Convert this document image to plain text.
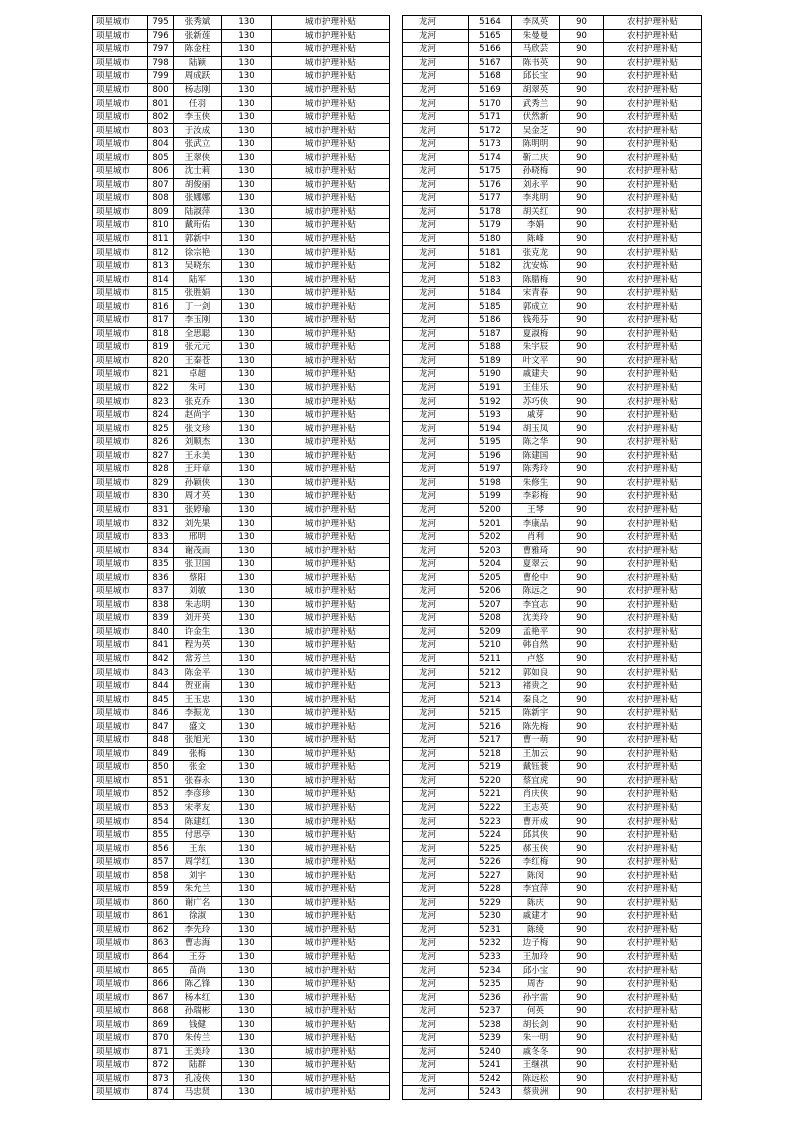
项星城市	795	张秀斌	130	城市护理补贴
项星城市	796	张新莲	130	城市护理补贴
项星城市	797	陈金柱	130	城市护理补贴
项星城市	798	陆颖	130	城市护理补贴
项星城市	799	周成跃	130	城市护理补贴
项星城市	800	杨志刚	130	城市护理补贴
项星城市	801	任羽	130	城市护理补贴
项星城市	802	李玉侠	130	城市护理补贴
项星城市	803	于汝成	130	城市护理补贴
项星城市	804	张武立	130	城市护理补贴
项星城市	805	王翠侠	130	城市护理补贴
项星城市	806	沈士莉	130	城市护理补贴
项星城市	807	胡俊丽	130	城市护理补贴
项星城市	808	张娜娜	130	城市护理补贴
项星城市	809	陆淑萍	130	城市护理补贴
项星城市	810	戴珩佑	130	城市护理补贴
项星城市	811	郭新中	130	城市护理补贴
项星城市	812	徐宗艳	130	城市护理补贴
项星城市	813	吴晓东	130	城市护理补贴
项星城市	814	陆军	130	城市护理补贴
项星城市	815	张胜娟	130	城市护理补贴
项星城市	816	丁一剑	130	城市护理补贴
项星城市	817	李玉刚	130	城市护理补贴
项星城市	818	全思聪	130	城市护理补贴
项星城市	819	张元元	130	城市护理补贴
项星城市	820	王秦苍	130	城市护理补贴
项星城市	821	卓超	130	城市护理补贴
项星城市	822	朱可	130	城市护理补贴
项星城市	823	张克乔	130	城市护理补贴
项星城市	824	赵尚宇	130	城市护理补贴
项星城市	825	张文珍	130	城市护理补贴
项星城市	826	刘顺杰	130	城市护理补贴
项星城市	827	王永美	130	城市护理补贴
项星城市	828	王玕章	130	城市护理补贴
项星城市	829	孙颖侠	130	城市护理补贴
项星城市	830	周才英	130	城市护理补贴
项星城市	831	张婷瑜	130	城市护理补贴
项星城市	832	刘先果	130	城市护理补贴
项星城市	833	邢明	130	城市护理补贴
项星城市	834	谢茂而	130	城市护理补贴
项星城市	835	张卫国	130	城市护理补贴
项星城市	836	蔡阳	130	城市护理补贴
项星城市	837	刘敏	130	城市护理补贴
项星城市	838	朱志明	130	城市护理补贴
项星城市	839	刘开英	130	城市护理补贴
项星城市	840	许金生	130	城市护理补贴
项星城市	841	程为英	130	城市护理补贴
项星城市	842	常芳兰	130	城市护理补贴
项星城市	843	陈金平	130	城市护理补贴
项星城市	844	贺亚南	130	城市护理补贴
项星城市	845	王玉忠	130	城市护理补贴
项星城市	846	李振龙	130	城市护理补贴
项星城市	847	盛文	130	城市护理补贴
项星城市	848	张旭光	130	城市护理补贴
项星城市	849	张梅	130	城市护理补贴
项星城市	850	张金	130	城市护理补贴
项星城市	851	张春永	130	城市护理补贴
项星城市	852	李彦珍	130	城市护理补贴
项星城市	853	宋孝友	130	城市护理补贴
项星城市	854	陈建红	130	城市护理补贴
项星城市	855	付思亭	130	城市护理补贴
项星城市	856	王东	130	城市护理补贴
项星城市	857	周学红	130	城市护理补贴
项星城市	858	刘宇	130	城市护理补贴
项星城市	859	朱允兰	130	城市护理补贴
项星城市	860	谢广名	130	城市护理补贴
项星城市	861	徐淑	130	城市护理补贴
项星城市	862	李先玲	130	城市护理补贴
项星城市	863	曹志海	130	城市护理补贴
项星城市	864	王芬	130	城市护理补贴
项星城市	865	苗尚	130	城市护理补贴
项星城市	866	陈乙锋	130	城市护理补贴
项星城市	867	杨本红	130	城市护理补贴
项星城市	868	孙瑞彬	130	城市护理补贴
项星城市	869	钱健	130	城市护理补贴
项星城市	870	朱传兰	130	城市护理补贴
项星城市	871	王美玲	130	城市护理补贴
项星城市	872	陆群	130	城市护理补贴
项星城市	873	孔凌侠	130	城市护理补贴
项星城市	874	马忠贤	130	城市护理补贴
龙河	5164	李凤英	90	农村护理补贴
龙河	5165	朱曼曼	90	农村护理补贴
龙河	5166	马欣芸	90	农村护理补贴
龙河	5167	陈书英	90	农村护理补贴
龙河	5168	邱长宝	90	农村护理补贴
龙河	5169	胡翠英	90	农村护理补贴
龙河	5170	武秀兰	90	农村护理补贴
龙河	5171	伏然新	90	农村护理补贴
龙河	5172	吴金芝	90	农村护理补贴
龙河	5173	陈明明	90	农村护理补贴
龙河	5174	靳二庆	90	农村护理补贴
龙河	5175	孙晓梅	90	农村护理补贴
龙河	5176	刘永平	90	农村护理补贴
龙河	5177	李兆明	90	农村护理补贴
龙河	5178	胡关红	90	农村护理补贴
龙河	5179	李娟	90	农村护理补贴
龙河	5180	陈峰	90	农村护理补贴
龙河	5181	张克龙	90	农村护理补贴
龙河	5182	沈安炼	90	农村护理补贴
龙河	5183	陈腊梅	90	农村护理补贴
龙河	5184	宋青春	90	农村护理补贴
龙河	5185	郭成立	90	农村护理补贴
龙河	5186	钱苑芬	90	农村护理补贴
龙河	5187	夏淑梅	90	农村护理补贴
龙河	5188	朱宇辰	90	农村护理补贴
龙河	5189	叶文平	90	农村护理补贴
龙河	5190	戚建夫	90	农村护理补贴
龙河	5191	王佳乐	90	农村护理补贴
龙河	5192	苏巧侠	90	农村护理补贴
龙河	5193	戚芽	90	农村护理补贴
龙河	5194	胡玉凤	90	农村护理补贴
龙河	5195	陈之华	90	农村护理补贴
龙河	5196	陈建国	90	农村护理补贴
龙河	5197	陈秀玲	90	农村护理补贴
龙河	5198	朱修生	90	农村护理补贴
龙河	5199	李彩梅	90	农村护理补贴
龙河	5200	王琴	90	农村护理补贴
龙河	5201	李康品	90	农村护理补贴
龙河	5202	肖利	90	农村护理补贴
龙河	5203	曹雅琦	90	农村护理补贴
龙河	5204	夏翠云	90	农村护理补贴
龙河	5205	曹伦中	90	农村护理补贴
龙河	5206	陈远之	90	农村护理补贴
龙河	5207	李宜志	90	农村护理补贴
龙河	5208	沈美玲	90	农村护理补贴
龙河	5209	孟艳平	90	农村护理补贴
龙河	5210	韩自然	90	农村护理补贴
龙河	5211	卢悠	90	农村护理补贴
龙河	5212	郭如良	90	农村护理补贴
龙河	5213	褚贵之	90	农村护理补贴
龙河	5214	秦良之	90	农村护理补贴
龙河	5215	陈新宇	90	农村护理补贴
龙河	5216	陈先梅	90	农村护理补贴
龙河	5217	曹一萌	90	农村护理补贴
龙河	5218	王加云	90	农村护理补贴
龙河	5219	戴钰蓑	90	农村护理补贴
龙河	5220	蔡宜虎	90	农村护理补贴
龙河	5221	肖庆侠	90	农村护理补贴
龙河	5222	王志英	90	农村护理补贴
龙河	5223	曹开成	90	农村护理补贴
龙河	5224	邱其侠	90	农村护理补贴
龙河	5225	郝玉侠	90	农村护理补贴
龙河	5226	李红梅	90	农村护理补贴
龙河	5227	陈闵	90	农村护理补贴
龙河	5228	李宜萍	90	农村护理补贴
龙河	5229	陈庆	90	农村护理补贴
龙河	5230	戚建才	90	农村护理补贴
龙河	5231	陈绫	90	农村护理补贴
龙河	5232	边子梅	90	农村护理补贴
龙河	5233	王加玲	90	农村护理补贴
龙河	5234	邱小宝	90	农村护理补贴
龙河	5235	周杏	90	农村护理补贴
龙河	5236	孙宇雷	90	农村护理补贴
龙河	5237	何英	90	农村护理补贴
龙河	5238	胡长剑	90	农村护理补贴
龙河	5239	朱一明	90	农村护理补贴
龙河	5240	戚冬冬	90	农村护理补贴
龙河	5241	王继祺	90	农村护理补贴
龙河	5242	陈远松	90	农村护理补贴
龙河	5243	蔡贵洲	90	农村护理补贴
